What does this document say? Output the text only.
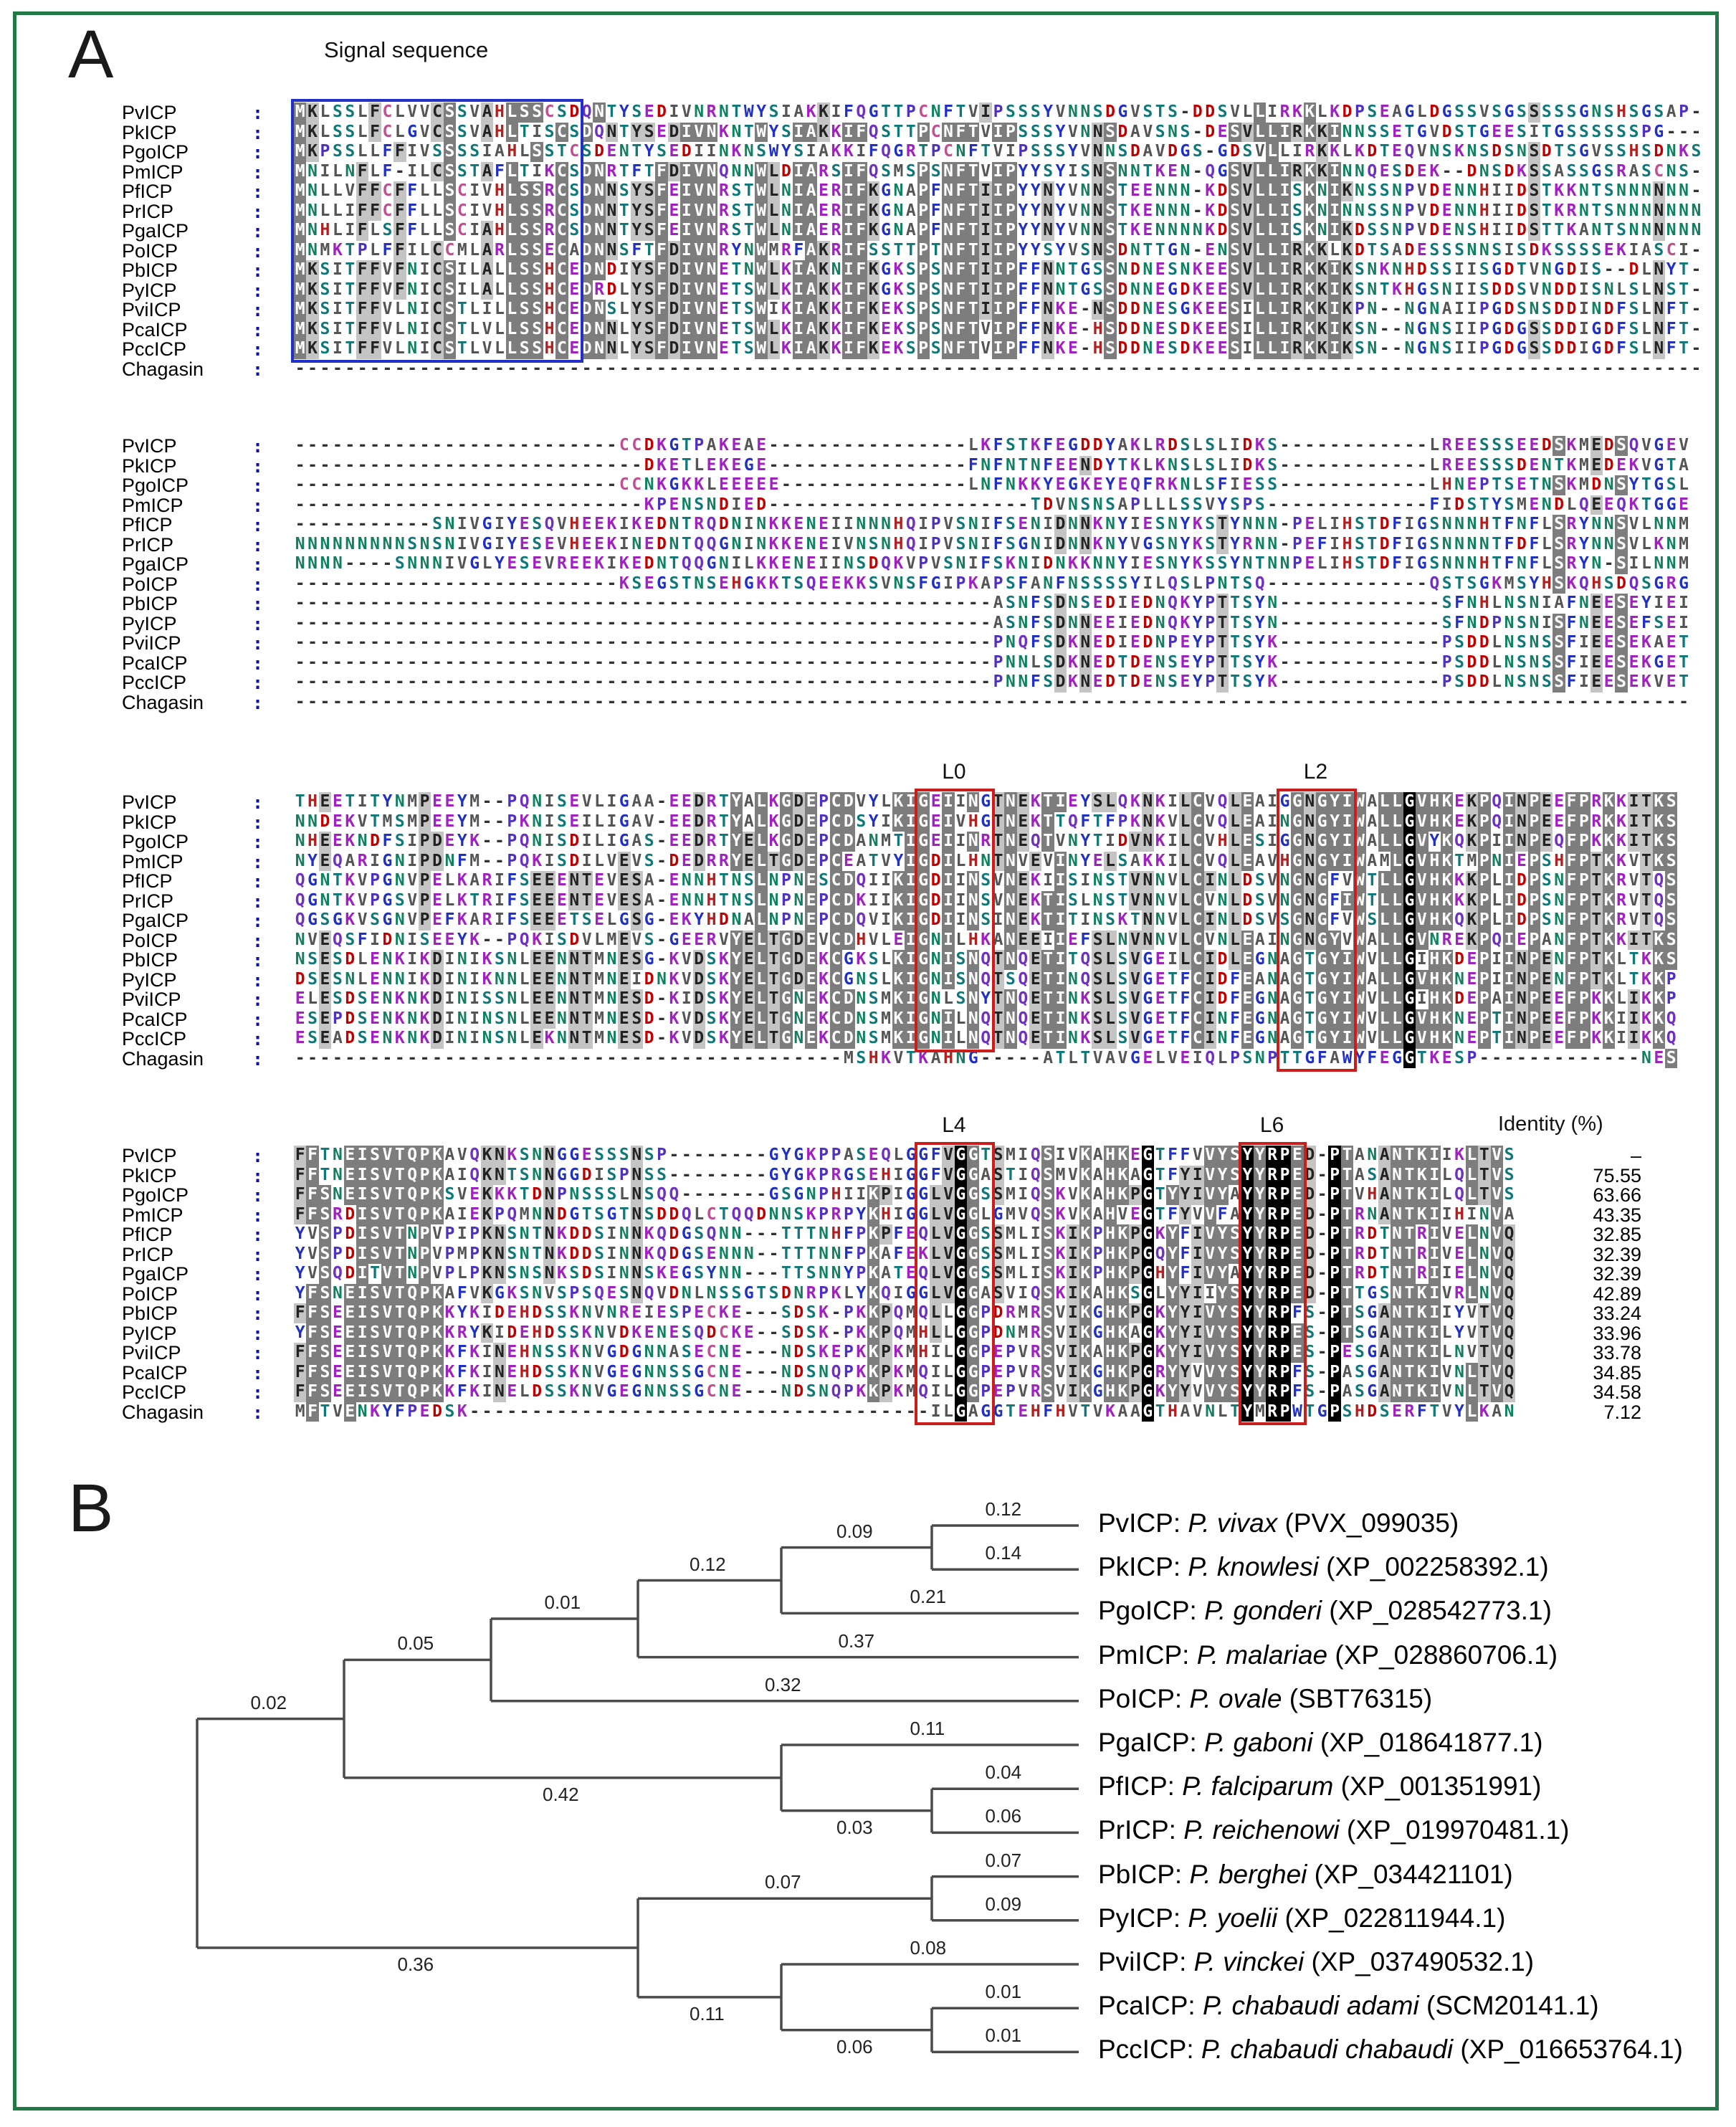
A	Signal sequence
Identity (%)
PvICP	: M K L S S L F C L V V C S S V A H L S S C S D Q N T Y S E D I V N R N T W Y S I A K K I F Q G T T P C N F T V I P S S S Y V N N S D G V S T S - D D S V L L I R K K L K D P S E A G L D G S S V S G S S S S S G N S H S G S A P -
PkICP	: M K L S S L F C L G V C S S V A H L T I S C S D Q N T Y S E D I V N K N T W Y S I A K K I F Q S T T P C N F T V I P S S S Y V N N S D A V S N S - D E S V L L I R K K I N N S S E T G V D S T G E E S I T G S S S S S S P G - - -
PgoICP	: M K P S S L L F F I V S S S S I A H L S S T C S D E N T Y S E D I I N K N S W Y S I A K K I F Q G R T P C N F T V I P S S S Y V N N S D A V D G S - G D S V L L I R K K L K D T E Q V N S K N S D S N S D T S G V S S H S D N K S
PmICP	: M N I L N F L F - I L C S S T A F L T I K C S D N R T F T F D I V N Q N N W L D I A R S I F Q S M S P S N F T V I P Y Y S Y I S N S N N T K E N - Q G S V L L I R K K I N N Q E S D E K - - D N S D K S S A S S G S R A S C N S -
PfICP	: M N L L V F F C F F L L S C I V H L S S R C S D N N S Y S F E I V N R S T W L N I A E R I F K G N A P F N F T I I P Y Y N Y V N N S T E E N N N - K D S V L L I S K N I K N S S N P V D E N N H I I D S T K K N T S N N N N N N -
PrICP	: M N L L I F F C F F L L S C I V H L S S R C S D N N T Y S F E I V N R S T W L N I A E R I F K G N A P F N F T I I P Y Y N Y V N N S T K E N N N - K D S V L L I S K N I N N S S N P V D E N N H I I D S T K R N T S N N N N N N N
PgaICP	: M N H L I F L S F F L L S C I A H L S S R C S D N N T Y S F E I V N R S T W L N I A E R I F K G N A P F N F T I I P Y Y N Y V N N S T K E N N N N K D S V L L I S K N I K D S S N P V D E N S H I I D S T T K A N T S N N N N N N
PoICP	: M N M K T P L F F I L C C M L A R L S S E C A D N N S F T F D I V N R Y N W M R F A K R I F S S T T P T N F T I I P Y Y S Y V S N S D N T T G N - E N S V L L I R K K L K D T S A D E S S S N N S I S D K S S S S E K I A S C I -
PbICP	: M K S I T F F V F N I C S I L A L L S S H C E D N D I Y S F D I V N E T N W L K I A K N I F K G K S P S N F T I I P F F N N T G S S N D N E S N K E E S V L L I R K K I K S N K N H D S S I I S G D T V N G D I S - - D L N Y T -
PyICP	: M K S I T F F V F N I C S I L A L L S S H C E D R D L Y S F D I V N E T S W L K I A K K I F K G K S P S N F T I I P F F N N T G S S D N N E G D K E E S V L L I R K K I K S N T K H G S N I I S D D S V N D D I S N L S L N S T -
PviICP	: M K S I T F F V L N I C S T L I L L S S H C E D N S L Y S F D I V N E T S W I K I A K K I F K E K S P S N F T I I P F F N K E - N S D D N E S G K E E S I L L I R K K I K P N - - N G N A I I P G D S N S D D I N D F S L N F T -
PcaICP	: M K S I T F F V L N I C S T L V L L S S H C E D N N L Y S F D I V N E T S W L K I A K K I F K E K S P S N F T V I P F F N K E - H S D D N E S D K E E S I L L I R K K I K S N - - N G N S I I P G D G S S D D I G D F S L N F T -
PccICP	: M K S I T F F V L N I C S T L V L L S S H C E D N N L Y S F D I V N E T S W L K I A K K I F K E K S P S N F T V I P F F N K E - H S D D N E S D K E E S I L L I R K K I K S N - - N G N S I I P G D G S S D D I G D F S L N F T -
Chagasin	: - - - - - - - - - - - - - - - - - - - - - - - - - - - - - - - - - - - - - - - - - - - - - - - - - - - - - - - - - - - - - - - - - - - - - - - - - - - - - - - - - - - - - - - - - - - - - - - - - - - - - - - - - - - - - - - - -
PvICP	: - - - - - - - - - - - - - - - - - - - - - - - - - - C C D K G T P A K E A E - - - - - - - - - - - - - - - - L K F S T K F E G D D Y A K L R D S L S L I D K S - - - - - - - - - - - - L R E E S S S E E D S K M E D S Q V G E V
PkICP	: - - - - - - - - - - - - - - - - - - - - - - - - - - - - D K E T L E K E G E - - - - - - - - - - - - - - - - F N F N T N F E E N D Y T K L K N S L S L I D K S - - - - - - - - - - - - L R E E S S S D E N T K M E D E K V G T A
PgoICP	: - - - - - - - - - - - - - - - - - - - - - - - - - - C C N K G K K L E E E E E - - - - - - - - - - - - - - - L N F N K K Y E G K E Y E Q F R K N L S F I E S S - - - - - - - - - - - - L H N E P T S E T N S K M D N S Y T G S L
PmICP	: - - - - - - - - - - - - - - - - - - - - - - - - - - - - K P E N S N D I E D - - - - - - - - - - - - - - - - - - - - - T D V N S N S A P L L L S S V Y S P S - - - - - - - - - - - - - F I D S T Y S M E N D L Q E E Q K T G G E
PfICP	: - - - - - - - - - - - S N I V G I Y E S Q V H E E K I K E D N T R Q D N I N K K E N E I I N N N H Q I P V S N I F S E N I D N N K N Y I E S N Y K S T Y N N N - P E L I H S T D F I G S N N N H T F N F L S R Y N N S V L N N M
PrICP	: N N N N N N N N N S N S N I V G I Y E S E V H E E K I N E D N T Q Q G N I N K K E N E I V N S N H Q I P V S N I F S G N I D N N K N Y V G S N Y K S T Y R N N - P E F I H S T D F I G S N N N N T F D F L S R Y N N S V L K N M
PgaICP	: N N N N - - - - S N N N I V G L Y E S E V R E E K I K E D N T Q Q G N I L K K E N E I I N S D Q K V P V S N I F S K N I D N K K N N Y I E S N Y K S S Y N T N N P E L I H S T D F I G S N N N H T F N F L S R Y N - S I L N N M
PoICP	: - - - - - - - - - - - - - - - - - - - - - - - - - - K S E G S T N S E H G K K T S Q E E K K S V N S F G I P K A P S F A N F N S S S S Y I L Q S L P N T S Q - - - - - - - - - - - - - Q S T S G K M S Y H S K Q H S D Q S G R G
PbICP	: - - - - - - - - - - - - - - - - - - - - - - - - - - - - - - - - - - - - - - - - - - - - - - - - - - - - - - - - A S N F S D N S E D I E D N Q K Y P T T S Y N - - - - - - - - - - - - - S F N H L N S N I A F N E E S E Y I E I
PyICP	: - - - - - - - - - - - - - - - - - - - - - - - - - - - - - - - - - - - - - - - - - - - - - - - - - - - - - - - - A S N F S D N N E E I E D N Q K Y P T T S Y N - - - - - - - - - - - - - S F N D P N S N I S F N E E S E F S E I
PviICP	: - - - - - - - - - - - - - - - - - - - - - - - - - - - - - - - - - - - - - - - - - - - - - - - - - - - - - - - - P N Q F S D K N E D I E D N P E Y P T T S Y K - - - - - - - - - - - - - P S D D L N S N S S F I E E S E K A E T
PcaICP	: - - - - - - - - - - - - - - - - - - - - - - - - - - - - - - - - - - - - - - - - - - - - - - - - - - - - - - - - P N N L S D K N E D T D E N S E Y P T T S Y K - - - - - - - - - - - - - P S D D L N S N S S F I E E S E K G E T
PccICP	: - - - - - - - - - - - - - - - - - - - - - - - - - - - - - - - - - - - - - - - - - - - - - - - - - - - - - - - - P N N F S D K N E D T D E N S E Y P T T S Y K - - - - - - - - - - - - - P S D D L N S N S S F I E E S E K V E T
Chagasin	: - - - - - - - - - - - - - - - - - - - - - - - - - - - - - - - - - - - - - - - - - - - - - - - - - - - - - - - - - - - - - - - - - - - - - - - - - - - - - - - - - - - - - - - - - - - - - - - - - - - - - - - - - - - - - - - -
PvICP	: T H E E T I T Y N M P E E Y M - - P Q N I S E V L I G A A - E E D R T Y A L K G D E P C D V Y L K I G E I I N G T N E K T I E Y S L Q K N K I L C V Q L E A I G G N G Y I W A L L G V H K E K P Q I N P E E F P R K K I T K S
PkICP	: N N D E K V T M S M P E E Y M - - P K N I S E I L I G A V - E E D R T Y A L K G D E P C D S Y I K I G E I V H G T N E K T T Q F T F P K N K V L C V Q L E A I N G N G Y I W A L L G V H K E K P Q I N P E E F P R K K I T K S
PgoICP	: N H E E K N D F S I P D E Y K - - P Q N I S D I L I G A S - E E D R T Y E L K G D E P C D A N M T I G E I I N R T N E Q T V N Y T I D V N K I L C V H L E S I G G N G Y I W A L L G V Y K Q K P I I N P E Q F P K K K I T K S
PmICP	: N Y E Q A R I G N I P D N F M - - P Q K I S D I L V E V S - D E D R R Y E L T G D E P C E A T V Y I G D I L H N T N V E V I N Y E L S A K K I L C V Q L E A V H G N G Y I W A M L G V H K T M P N I E P S H F P T K K V T K S
PfICP	: Q G N T K V P G N V P E L K A R I F S E E E N T E V E S A - E N N H T N S L N P N E S C D Q I I K I G D I I N S V N E K I I S I N S T V N N V L C I N L D S V N G N G F V W T L L G V H K K K P L I D P S N F P T K R V T Q S
PrICP	: Q G N T K V P G S V P E L K T R I F S E E E N T E V E S A - E N N H T N S L N P N E P C D K I I K I G D I I N S V N E K T I S L N S T V N N V L C V N L D S V N G N G F I W T L L G V H K K K P L I D P S N F P T K R V T Q S
PgaICP	: Q G S G K V S G N V P E F K A R I F S E E E T S E L G S G - E K Y H D N A L N P N E P C D Q V I K I G D I I N S I N E K T I T I N S K T N N V L C I N L D S V S G N G F V W S L L G V H K Q K P L I D P S N F P T K R V T Q S
PoICP	: N V E Q S F I D N I S E E Y K - - P Q K I S D V L M E V S - G E E R V Y E L T G D E V C D H V L E I G N I L H K A N E E I I E F S L N V N N V L C V N L E A I N G N G Y V W A L L G V N R E K P Q I E P A N F P T K K I T K S
PbICP	: N S E S D L E N K I K D I N I K S N L E E N N T M N E S G - K V D S K Y E L T G D E K C G K S L K I G N I S N Q T N Q E T I T Q S L S V G E I L C I D L E G N A G T G Y I W V L L G I H K D E P I I N P E N F P T K L T K K S
PyICP	: D S E S N L E N N I K D I N I K N N L E E N N T M N E I D N K V D S K Y E L T G D E K C G N S L K I G N I S N Q T S Q E T I N Q S L S V G E T F C I D F E A N A G T G Y I W A L L G V H K N E P I I N P E N F P T K L T K K P
PviICP	: E L E S D S E N K N K D I N I S S N L E E N N T M N E S D - K I D S K Y E L T G N E K C D N S M K I G N L S N Y T N Q E T I N K S L S V G E T F C I D F E G N A G T G Y I W V L L G I H K D E P A I N P E E F P K K L I K K P
PcaICP	: E S E P D S E N K N K D I N I N S N L E E N N T M N E S D - K V D S K Y E L T G N E K C D N S M K I G N I L N Q T N Q E T I N K S L S V G E T F C I N F E G N A G T G Y I W V L L G V H K N E P T I N P E E F P K K I I K K Q
PccICP	: E S E A D S E N K N K D I N I N S N L E K N N T M N E S D - K V D S K Y E L T G N E K C D N S M K I G N I L N Q T N Q E T I N K S L S V G E T F C I N F E G N A G T G Y I W V L L G V H K N E P T I N P E E F P K K I I K K Q
Chagasin	: - - - - - - - - - - - - - - - - - - - - - - - - - - - - - - - - - - - - - - - - - - - - M S H K V T K A H N G - - - - - A T L T V A V G E L V E I Q L P S N P T T G F A W Y F E G G T K E S P - - - - - - - - - - - - - N E S
L0	L2
PvICP	: F F T N E I S V T Q P K A V Q K N K S N N G G E S S S N S P - - - - - - - - G Y G K P P A S E Q L G G F V G G T S M I Q S I V K A H K E G T F F V V Y S Y Y R P E D - P T A N A N T K I I K L T V S	–
PkICP	: F F T N E I S V T Q P K A I Q K N T S N N G G D I S P N S S - - - - - - - - G Y G K P R G S E H I G G F V G G A S T I Q S M V K A H K A G T F Y I V Y S Y Y R P E D - P T A S A N T K I L Q L T V S	75.55
PgoICP	: F F S N E I S V T Q P K S V E K K K T D N P N S S S L N S Q Q - - - - - - - G S G N P H I I K P I G G L V G G S S M I Q S K V K A H K P G T Y Y I V Y A Y Y R P E D - P T V H A N T K I L Q L T V S	63.66
PmICP	: F F S R D I S V T Q P K A I E K P Q M N N D G T S G T N S D D Q L C T Q Q D N N S K P R P Y K H I G G L V G G L G M V Q S K V K A H V E G T F Y V V F A Y Y R P E D - P T R N A N T K I I H I N V A	43.35
PfICP	: Y V S P D I S V T N P V P I P K N S N T N K D D S I N N K Q D G S Q N N - - - T T T N H F P K P F E Q L V G G S S M L I S K I K P H K P G K Y F I V Y S Y Y R P E D - P T R D T N T R I V E L N V Q	32.85
PrICP	: Y V S P D I S V T N P V P M P K N S N T N K D D S I N N K Q D G S E N N N - - T T T N N F P K A F E K L V G G S S M L I S K I K P H K P G Q Y F I V Y S Y Y R P E D - P T R D T N T R I V E L N V Q	32.39
PgaICP	: Y V S Q D I T V T N P V P L P K N S N S N K S D S I N N S K E G S Y N N - - - T T S N N Y P K A T E Q L V G G S S M L I S K I K P H K P G H Y F I V Y A Y Y R P E D - P T R D T N T R I I E L N V Q	32.39
PoICP	: Y F S N E I S V T Q P K A F V K G K S N V S P S Q E S N Q V D N L N S S G T S D N R P K L Y K Q I G G L V G G A S V I Q S K I K A H K S G L Y Y I I Y S Y Y R P E D - P T T G S N T K I V R L N V Q	42.89
PbICP	: F F S E E I S V T Q P K K Y K I D E H D S S K N V N R E I E S P E C K E - - - S D S K - P K K P Q M Q L L G G P D R M R S V I K G H K P G K Y Y I V Y S Y Y R P F S - P T S G A N T K I I Y V T V Q	33.24
PyICP	: Y F S E E I S V T Q P K K R Y K I D E H D S S K N V D K E N E S Q D C K E - - S D S K - P K K P Q M H L L G G P D N M R S V I K G H K A G K Y Y I V Y S Y Y R P E S - P T S G A N T K I L Y V T V Q	33.96
PviICP	: F F S E E I S V T Q P K K F K I N E H N S S K N V G D G N N A S E C N E - - - N D S K E P K K P K M H I L G G P E P V R S V I K A H K P G K Y Y I V Y S Y Y R P E S - P E S G A N T K I L N V T V Q	33.78
PcaICP	: F F S E E I S V T Q P K K F K I N E H D S S K N V G E G N N S S G C N E - - - N D S N Q P K K P K M Q I L G G P E P V R S V I K G H K P G R Y Y V V Y S Y Y R P F S - P A S G A N T K I V N L T V Q	34.85
PccICP	: F F S E E I S V T Q P K K F K I N E L D S S K N V G E G N N S S G C N E - - - N D S N Q P K K P K M Q I L G G P E P V R S V I K G H K P G K Y Y V V Y S Y Y R P F S - P A S G A N T K I V N L T V Q	34.58
Chagasin	: M F T V E N K Y F P E D S K - - - - - - - - - - - - - - - - - - - - - - - - - - - - - - - - - - - - - I L G A G G T E H F H V T V K A A G T H A V N L T Y M R P W T G P S H D S E R F T V Y L K A N	7.12
L4	L6
B	0.12
0.14
0.09
0.21
0.12
0.37
0.01
0.32
0.04
0.06
0.11
0.03
0.05
0.42
0.07
0.09
0.01
0.01
0.08
0.06
0.07
0.11
0.02
0.36
PvICP: P. vivax (PVX_099035)
PkICP: P. knowlesi (XP_002258392.1)
PgoICP: P. gonderi (XP_028542773.1)
PmICP: P. malariae (XP_028860706.1)
PoICP: P. ovale (SBT76315)
PgaICP: P. gaboni (XP_018641877.1)
PfICP: P. falciparum (XP_001351991)
PrICP: P. reichenowi (XP_019970481.1)
PbICP: P. berghei (XP_034421101)
PyICP: P. yoelii (XP_022811944.1)
PviICP: P. vinckei (XP_037490532.1)
PcaICP: P. chabaudi adami (SCM20141.1)
PccICP: P. chabaudi chabaudi (XP_016653764.1)
